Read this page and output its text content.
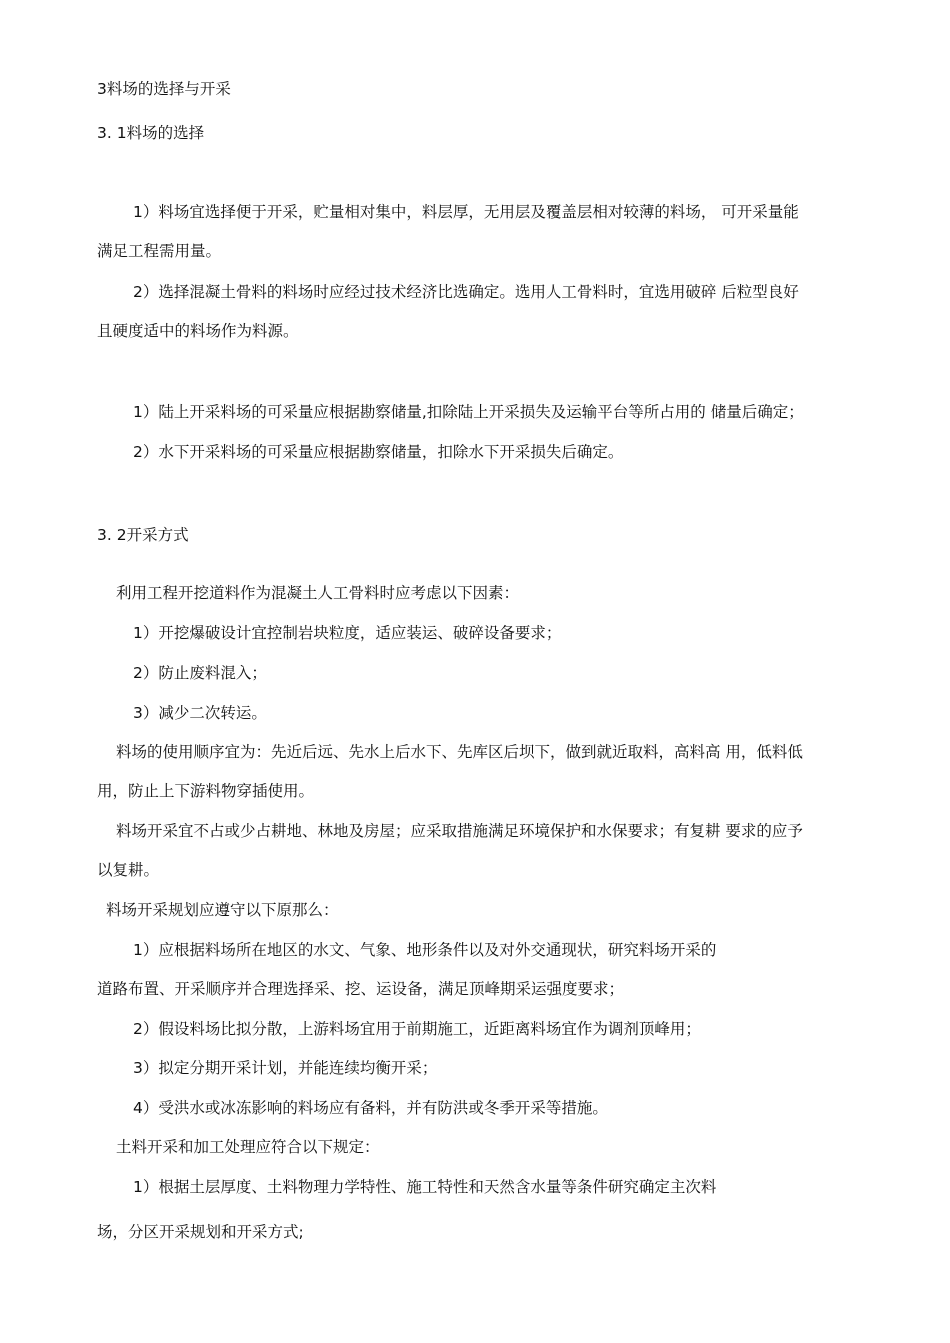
3料场的选择与开采
3. 1料场的选择
1）料场宜选择便于开采，贮量相对集中，料层厚，无用层及覆盖层相对较薄的料场， 可开采量能
满足工程需用量。
2）选择混凝土骨料的料场时应经过技术经济比选确定。选用人工骨料时，宜选用破碎 后粒型良好
且硬度适中的料场作为料源。
1）陆上开采料场的可采量应根据勘察储量,扣除陆上开采损失及运输平台等所占用的 储量后确定；
2）水下开采料场的可采量应根据勘察储量，扣除水下开采损失后确定。
3. 2开采方式
利用工程开挖道料作为混凝土人工骨料时应考虑以下因素：
1）开挖爆破设计宜控制岩块粒度，适应装运、破碎设备要求；
2）防止废料混入；
3）减少二次转运。
料场的使用顺序宜为：先近后远、先水上后水下、先库区后坝下，做到就近取料，高料高 用，低料低
用，防止上下游料物穿插使用。
料场开采宜不占或少占耕地、林地及房屋；应采取措施满足环境保护和水保要求；有复耕 要求的应予
以复耕。
料场开采规划应遵守以下原那么：
1）应根据料场所在地区的水文、气象、地形条件以及对外交通现状，研究料场开采的
道路布置、开采顺序并合理选择采、挖、运设备，满足顶峰期采运强度要求；
2）假设料场比拟分散，上游料场宜用于前期施工，近距离料场宜作为调剂顶峰用；
3）拟定分期开采计划，并能连续均衡开采；
4）受洪水或冰冻影响的料场应有备料，并有防洪或冬季开采等措施。
土料开采和加工处理应符合以下规定：
1）根据土层厚度、土料物理力学特性、施工特性和天然含水量等条件研究确定主次料
场，分区开采规划和开采方式;
